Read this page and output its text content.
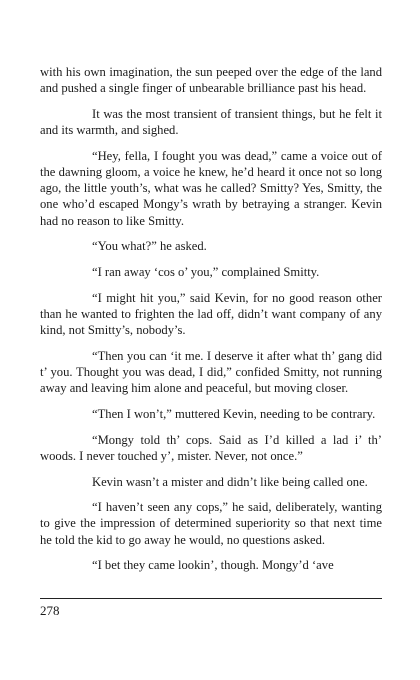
with his own imagination, the sun peeped over the edge of the land and pushed a single finger of unbearable brilliance past his head.

It was the most transient of transient things, but he felt it and its warmth, and sighed.

“Hey, fella, I fought you was dead,” came a voice out of the dawning gloom, a voice he knew, he’d heard it once not so long ago, the little youth’s, what was he called? Smitty? Yes, Smitty, the one who’d escaped Mongy’s wrath by betraying a stranger. Kevin had no reason to like Smitty.

“You what?” he asked.

“I ran away ‘cos o’ you,” complained Smitty.

“I might hit you,” said Kevin, for no good reason other than he wanted to frighten the lad off, didn’t want company of any kind, not Smitty’s, nobody’s.

“Then you can ‘it me. I deserve it after what th’ gang did t’ you. Thought you was dead, I did,” confided Smitty, not running away and leaving him alone and peaceful, but moving closer.

“Then I won’t,” muttered Kevin, needing to be contrary.

“Mongy told th’ cops. Said as I’d killed a lad i’ th’ woods. I never touched y’, mister. Never, not once.”

Kevin wasn’t a mister and didn’t like being called one.

“I haven’t seen any cops,” he said, deliberately, wanting to give the impression of determined superiority so that next time he told the kid to go away he would, no questions asked.

“I bet they came lookin’, though. Mongy’d ‘ave

278
